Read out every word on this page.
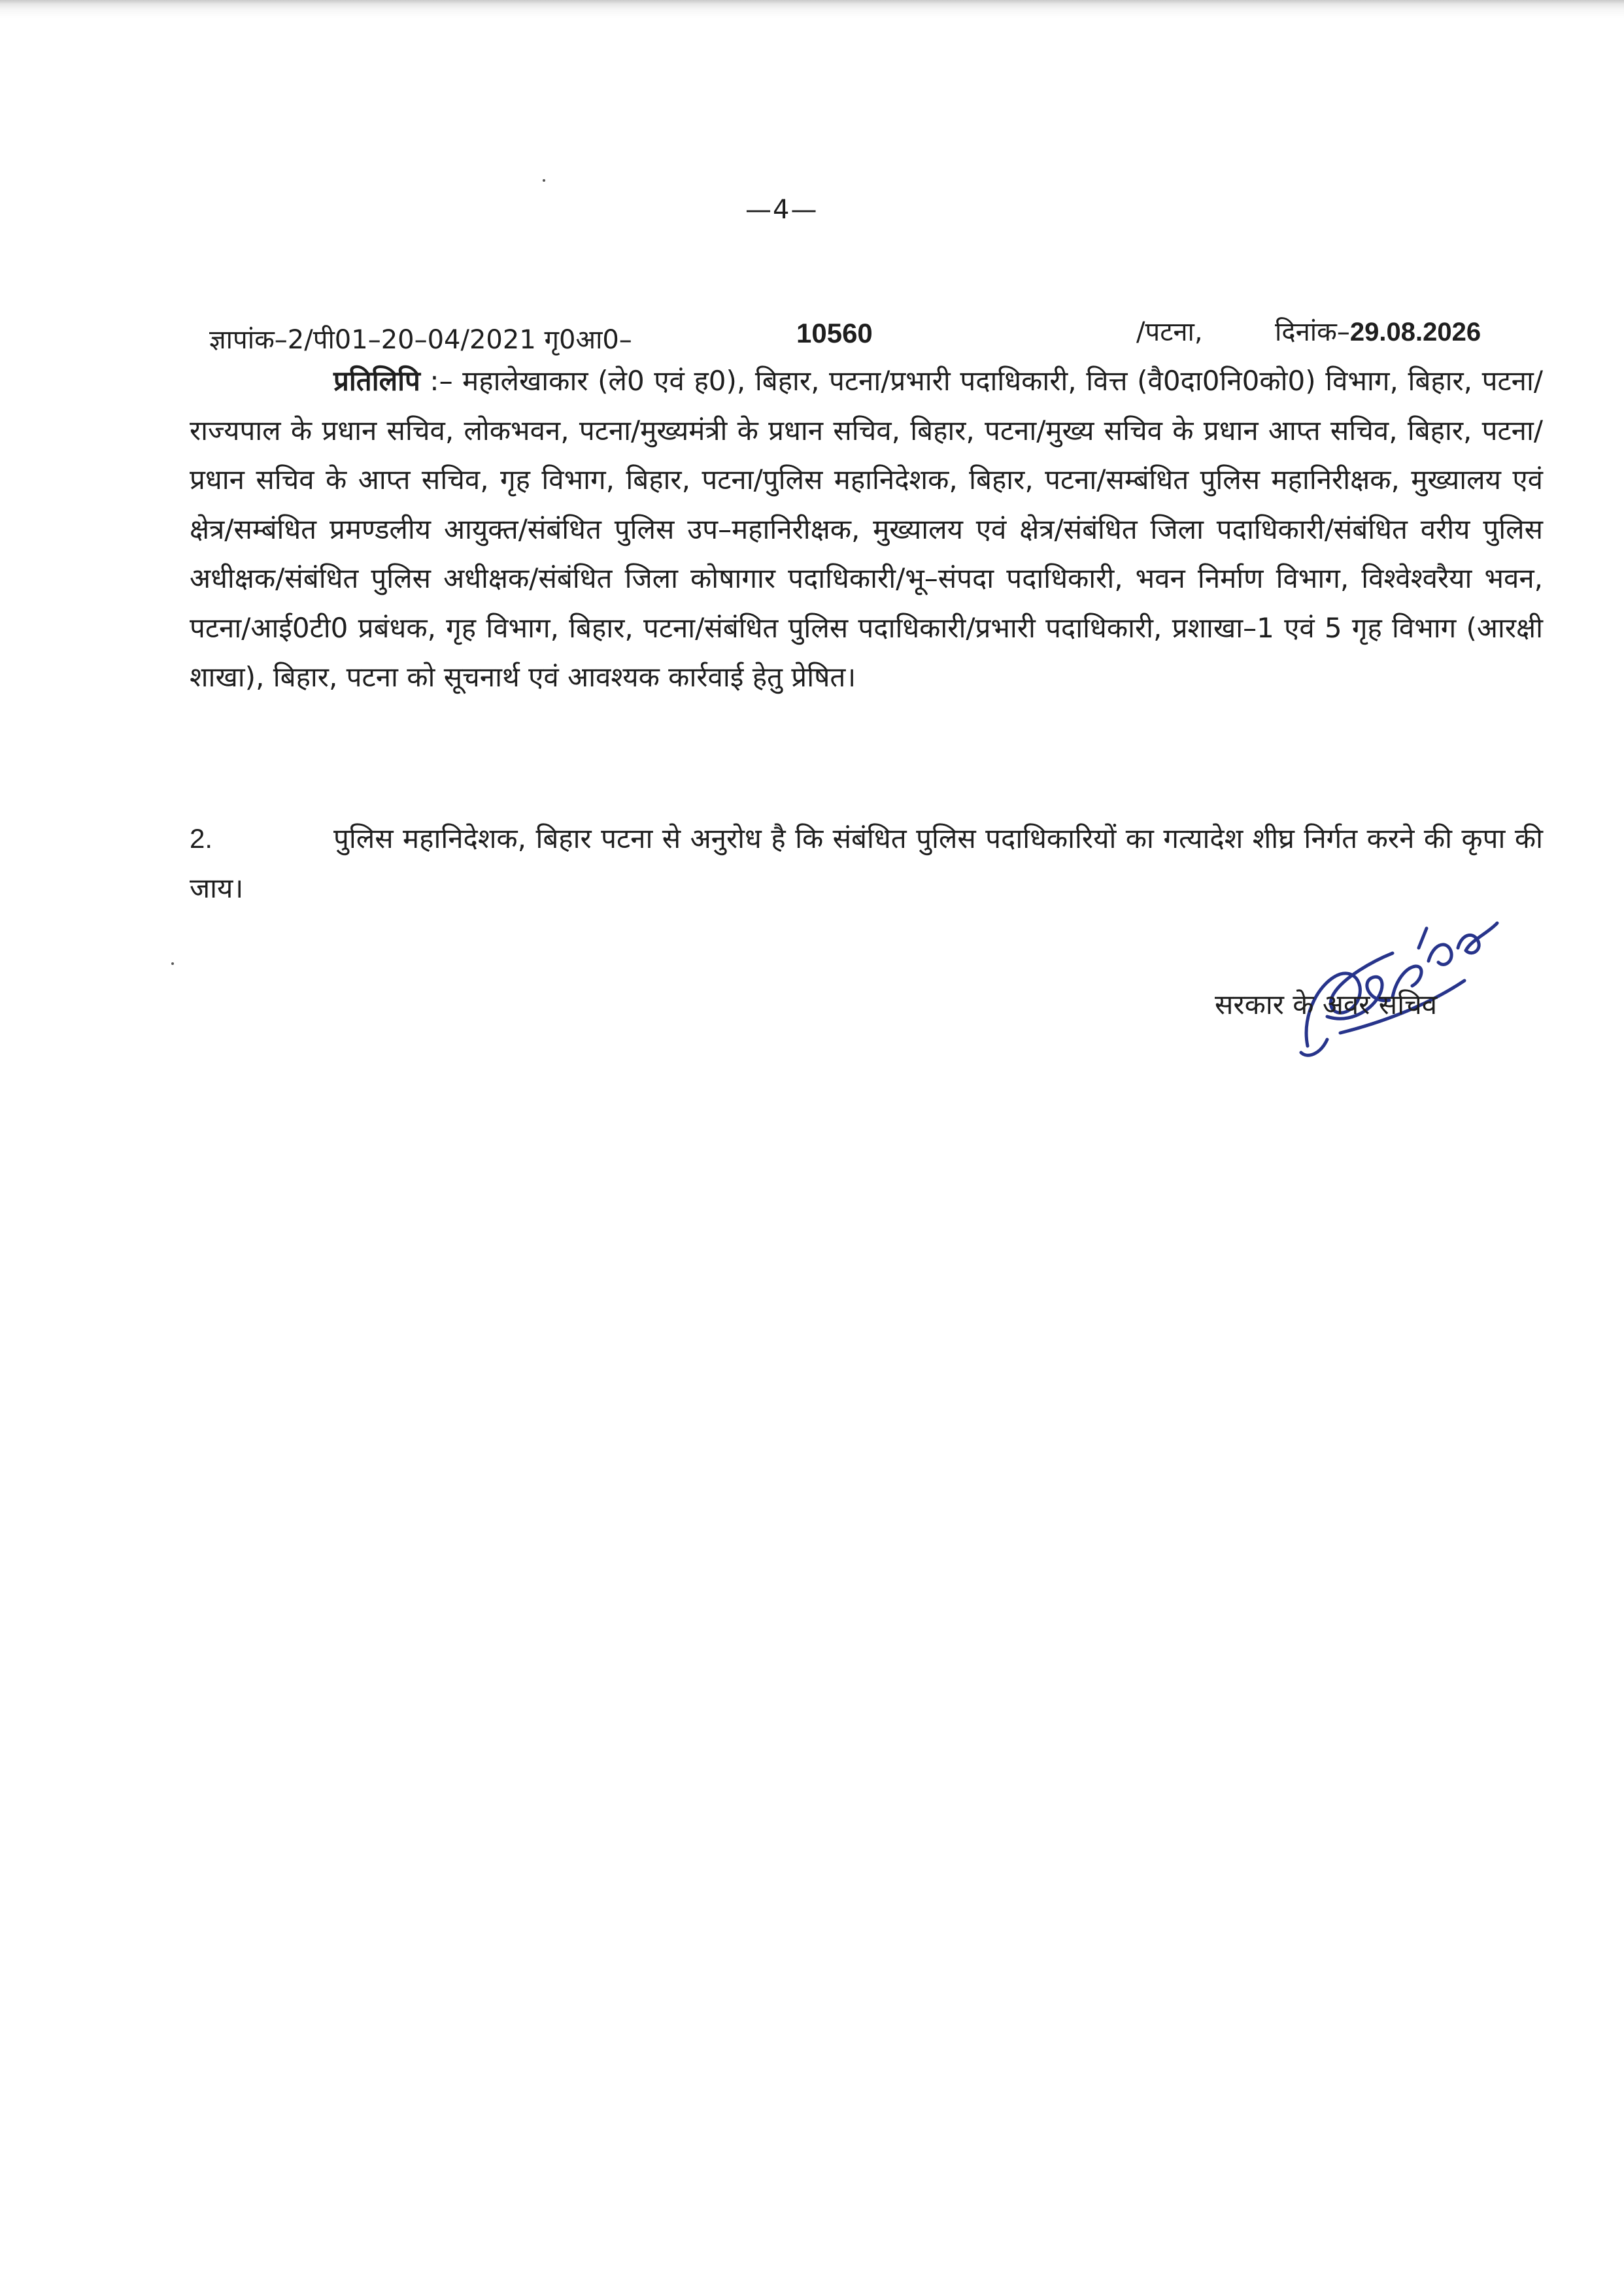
—4—
ज्ञापांक–2/पी01–20–04/2021 गृ0आ0–	10560	/पटना,	दिनांक–29.08.2026
प्रतिलिपि :– महालेखाकार (ले0 एवं ह0), बिहार, पटना/प्रभारी पदाधिकारी, वित्त (वै0दा0नि0को0) विभाग, बिहार, पटना/राज्यपाल के प्रधान सचिव, लोकभवन, पटना/मुख्यमंत्री के प्रधान सचिव, बिहार, पटना/मुख्य सचिव के प्रधान आप्त सचिव, बिहार, पटना/प्रधान सचिव के आप्त सचिव, गृह विभाग, बिहार, पटना/पुलिस महानिदेशक, बिहार, पटना/सम्बंधित पुलिस महानिरीक्षक, मुख्यालय एवं क्षेत्र/सम्बंधित प्रमण्डलीय आयुक्त/संबंधित पुलिस उप–महानिरीक्षक, मुख्यालय एवं क्षेत्र/संबंधित जिला पदाधिकारी/संबंधित वरीय पुलिस अधीक्षक/संबंधित पुलिस अधीक्षक/संबंधित जिला कोषागार पदाधिकारी/भू–संपदा पदाधिकारी, भवन निर्माण विभाग, विश्वेश्वरैया भवन, पटना/आई0टी0 प्रबंधक, गृह विभाग, बिहार, पटना/संबंधित पुलिस पदाधिकारी/प्रभारी पदाधिकारी, प्रशाखा–1 एवं 5 गृह विभाग (आरक्षी शाखा), बिहार, पटना को सूचनार्थ एवं आवश्यक कार्रवाई हेतु प्रेषित।
2.	पुलिस महानिदेशक, बिहार पटना से अनुरोध है कि संबंधित पुलिस पदाधिकारियों का गत्यादेश शीघ्र निर्गत करने की कृपा की जाय।
सरकार के अवर सचिव
